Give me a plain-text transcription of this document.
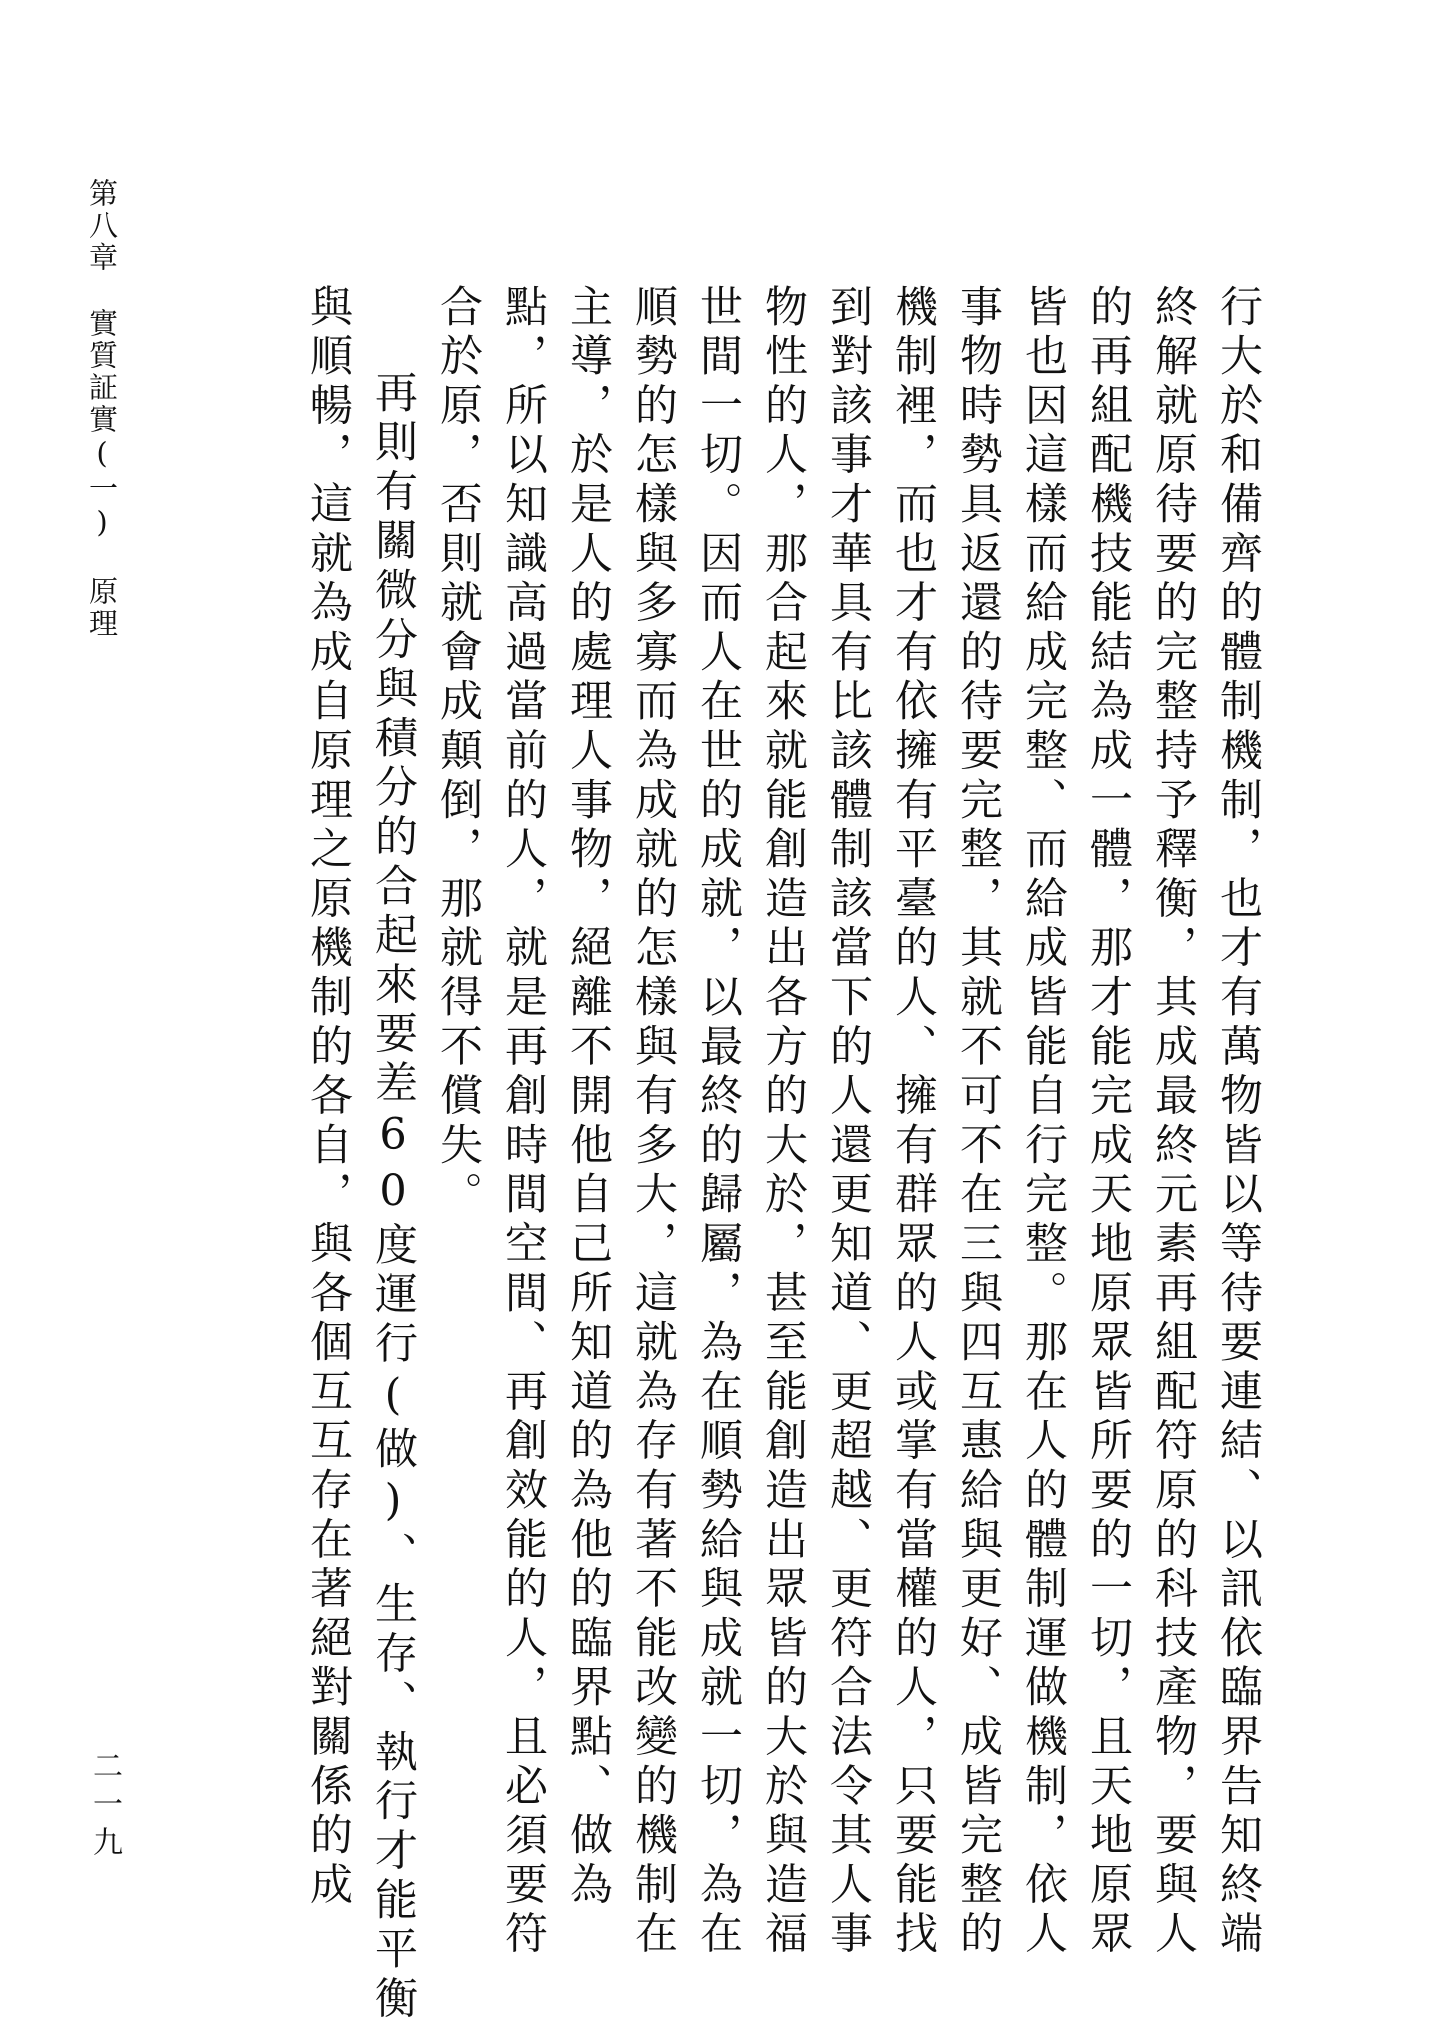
第八章實質証實(一)原理
二一九	行大於和備齊的體制機制，也才有萬物皆以等待要連結、以訊依臨界告知終端
終解就原待要的完整持予釋衡，其成最終元素再組配符原的科技產物，要與人
的再組配機技能結為成一體，那才能完成天地原眾皆所要的一切，且天地原眾
皆也因這樣而給成完整、而給成皆能自行完整。那在人的體制運做機制，依人
事物時勢具返還的待要完整，其就不可不在三與四互惠給與更好、成皆完整的
機制裡，而也才有依擁有平臺的人、擁有群眾的人或掌有當權的人，只要能找
到對該事才華具有比該體制該當下的人還更知道、更超越、更符合法令其人事
物性的人，那合起來就能創造出各方的大於，甚至能創造出眾皆的大於與造福
世間一切。因而人在世的成就，以最終的歸屬，為在順勢給與成就一切，為在
順勢的怎樣與多寡而為成就的怎樣與有多大，這就為存有著不能改變的機制在
主導，於是人的處理人事物，絕離不開他自己所知道的為他的臨界點、做為
點，所以知識高過當前的人，就是再創時間空間、再創效能的人，且必須要符
合於原，否則就會成顛倒，那就得不償失。
再則有關微分與積分的合起來要差60度運行(做)、生存、執行才能平衡
與順暢，這就為成自原理之原機制的各自，與各個互互存在著絕對關係的成
